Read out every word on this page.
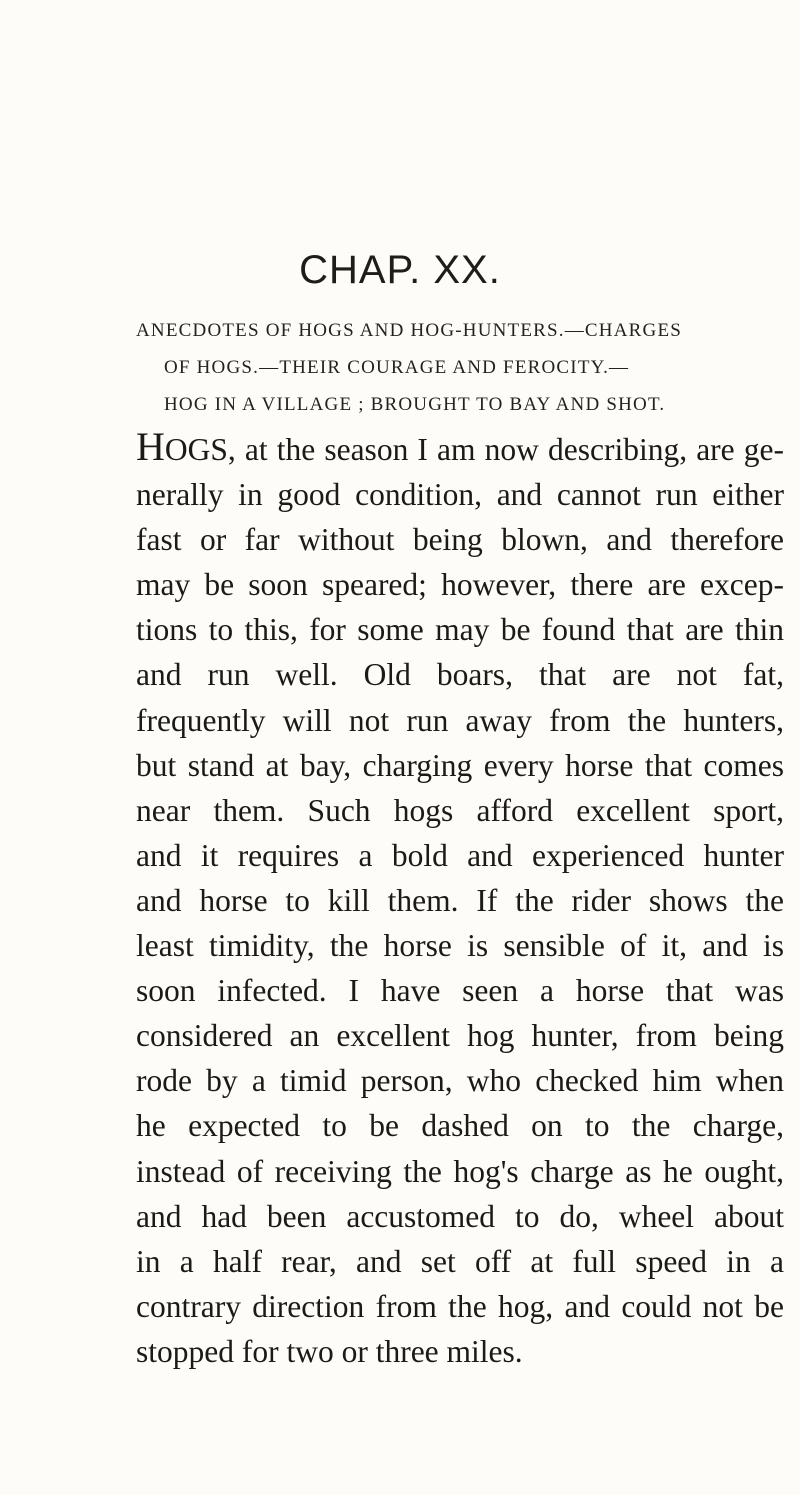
CHAP. XX.
ANECDOTES OF HOGS AND HOG-HUNTERS.—CHARGES
OF HOGS.—THEIR COURAGE AND FEROCITY.—
HOG IN A VILLAGE ; BROUGHT TO BAY AND SHOT.
HOGS, at the season I am now describing, are ge-
nerally in good condition, and cannot run either
fast or far without being blown, and therefore
may be soon speared; however, there are excep-
tions to this, for some may be found that are thin
and run well. Old boars, that are not fat,
frequently will not run away from the hunters,
but stand at bay, charging every horse that comes
near them. Such hogs afford excellent sport,
and it requires a bold and experienced hunter
and horse to kill them. If the rider shows the
least timidity, the horse is sensible of it, and is
soon infected. I have seen a horse that was
considered an excellent hog hunter, from being
rode by a timid person, who checked him when
he expected to be dashed on to the charge,
instead of receiving the hog's charge as he ought,
and had been accustomed to do, wheel about
in a half rear, and set off at full speed in a
contrary direction from the hog, and could not be
stopped for two or three miles.
